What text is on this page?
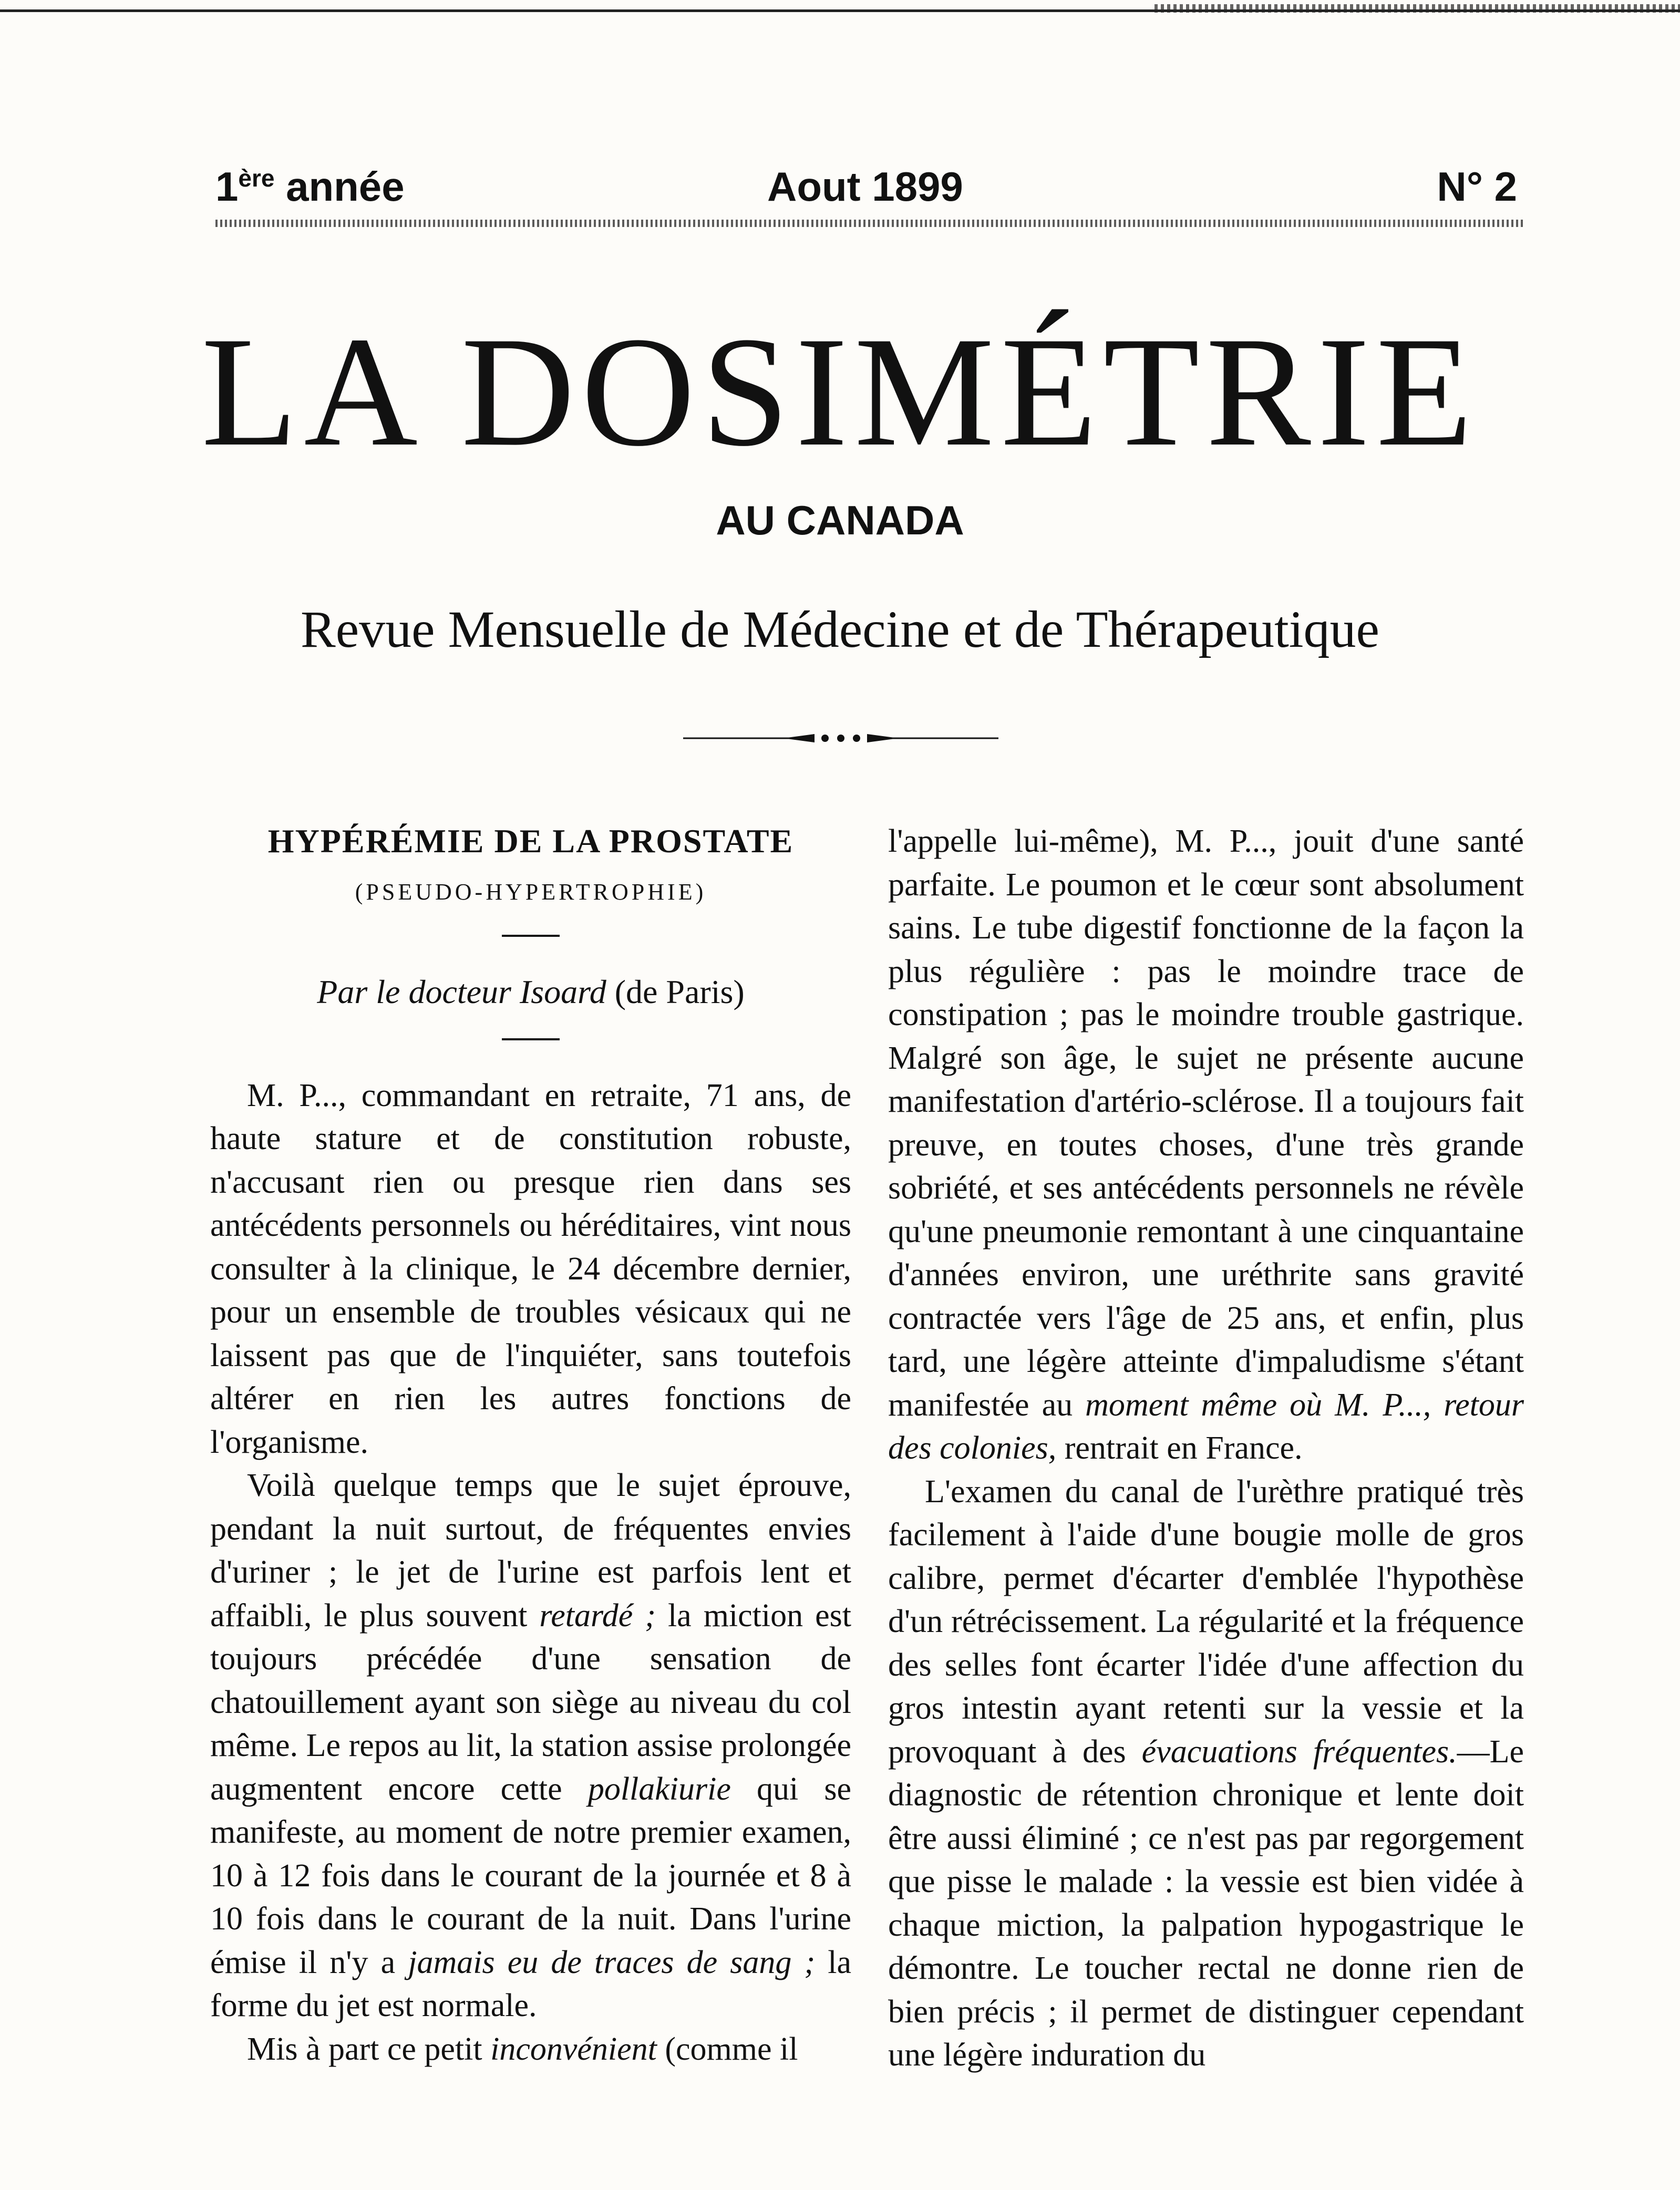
1ère année	Aout 1899	N° 2
LA DOSIMÉTRIE
AU CANADA

Revue Mensuelle de Médecine et de Thérapeutique

HYPÉRÉMIE DE LA PROSTATE
(PSEUDO-HYPERTROPHIE)
Par le docteur Isoard (de Paris)

M. P..., commandant en retraite, 71 ans, de haute stature et de constitution robuste, n'accusant rien ou presque rien dans ses antécédents personnels ou héréditaires, vint nous consulter à la clinique, le 24 décembre dernier, pour un ensemble de troubles vésicaux qui ne laissent pas que de l'inquiéter, sans toutefois altérer en rien les autres fonctions de l'organisme.

Voilà quelque temps que le sujet éprouve, pendant la nuit surtout, de fréquentes envies d'uriner ; le jet de l'urine est parfois lent et affaibli, le plus souvent retardé ; la miction est toujours précédée d'une sensation de chatouillement ayant son siège au niveau du col même. Le repos au lit, la station assise prolongée augmentent encore cette pollakiurie qui se manifeste, au moment de notre premier examen, 10 à 12 fois dans le courant de la journée et 8 à 10 fois dans le courant de la nuit. Dans l'urine émise il n'y a jamais eu de traces de sang ; la forme du jet est normale.

Mis à part ce petit inconvénient (comme il

l'appelle lui-même), M. P..., jouit d'une santé parfaite. Le poumon et le cœur sont absolument sains. Le tube digestif fonctionne de la façon la plus régulière : pas le moindre trace de constipation ; pas le moindre trouble gastrique. Malgré son âge, le sujet ne présente aucune manifestation d'artério-sclérose. Il a toujours fait preuve, en toutes choses, d'une très grande sobriété, et ses antécédents personnels ne révèle qu'une pneumonie remontant à une cinquantaine d'années environ, une uréthrite sans gravité contractée vers l'âge de 25 ans, et enfin, plus tard, une légère atteinte d'impaludisme s'étant manifestée au moment même où M. P..., retour des colonies, rentrait en France.

L'examen du canal de l'urèthre pratiqué très facilement à l'aide d'une bougie molle de gros calibre, permet d'écarter d'emblée l'hypothèse d'un rétrécissement. La régularité et la fréquence des selles font écarter l'idée d'une affection du gros intestin ayant retenti sur la vessie et la provoquant à des évacuations fréquentes.—Le diagnostic de rétention chronique et lente doit être aussi éliminé ; ce n'est pas par regorgement que pisse le malade : la vessie est bien vidée à chaque miction, la palpation hypogastrique le démontre. Le toucher rectal ne donne rien de bien précis ; il permet de distinguer cependant une légère induration du
